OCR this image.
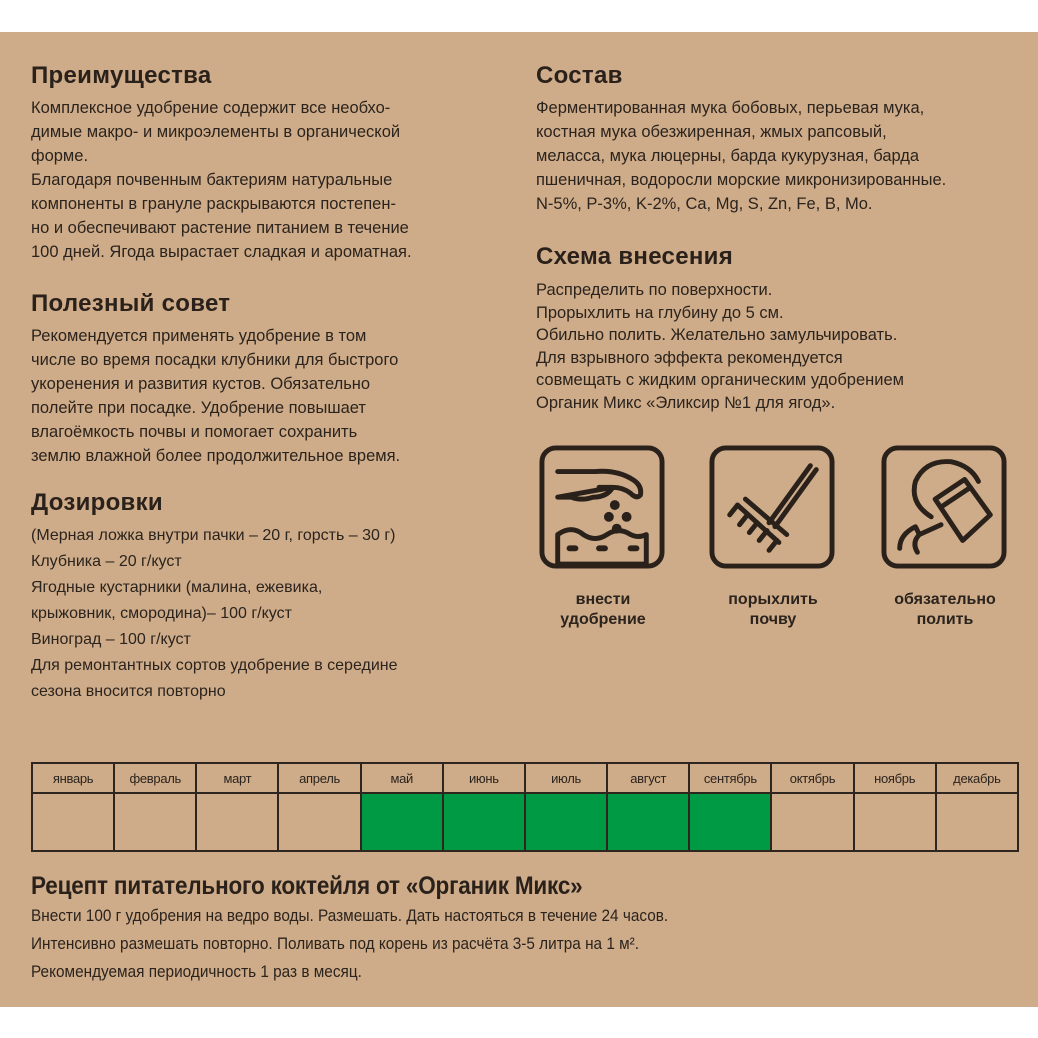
Преимущества

Комплексное удобрение содержит все необхо-

димые макро- и микроэлементы в органической

форме.

Благодаря почвенным бактериям натуральные

компоненты в грануле раскрываются постепен-

но и обеспечивают растение питанием в течение

100 дней. Ягода вырастает сладкая и ароматная.

Полезный совет

Рекомендуется применять удобрение в том

числе во время посадки клубники для быстрого

укоренения и развития кустов. Обязательно

полейте при посадке. Удобрение повышает

влагоёмкость почвы и помогает сохранить

землю влажной более продолжительное время.

Дозировки

(Мерная ложка внутри пачки – 20 г, горсть – 30 г)

Клубника – 20 г/куст

Ягодные кустарники (малина, ежевика,

крыжовник, смородина)– 100 г/куст

Виноград – 100 г/куст

Для ремонтантных сортов удобрение в середине

сезона вносится повторно

Состав

Ферментированная мука бобовых, перьевая мука,

костная мука обезжиренная, жмых рапсовый,

меласса, мука люцерны, барда кукурузная, барда

пшеничная, водоросли морские микронизированные.

N-5%, P-3%, K-2%, Ca, Mg, S, Zn, Fe, B, Mo.

Схема внесения

Распределить по поверхности.

Прорыхлить на глубину до 5 см.

Обильно полить. Желательно замульчировать.

Для взрывного эффекта рекомендуется

совмещать с жидким органическим удобрением

Органик Микс «Эликсир №1 для ягод».

внести
удобрение
порыхлить
почву
обязательно
полить
январь	февраль	март	апрель	май	июнь	июль	август	сентябрь	октябрь	ноябрь	декабрь

Рецепт питательного коктейля от «Органик Микс»

Внести 100 г удобрения на ведро воды. Размешать. Дать настояться в течение 24 часов.

Интенсивно размешать повторно. Поливать под корень из расчёта 3-5 литра на 1 м².

Рекомендуемая периодичность 1 раз в месяц.
